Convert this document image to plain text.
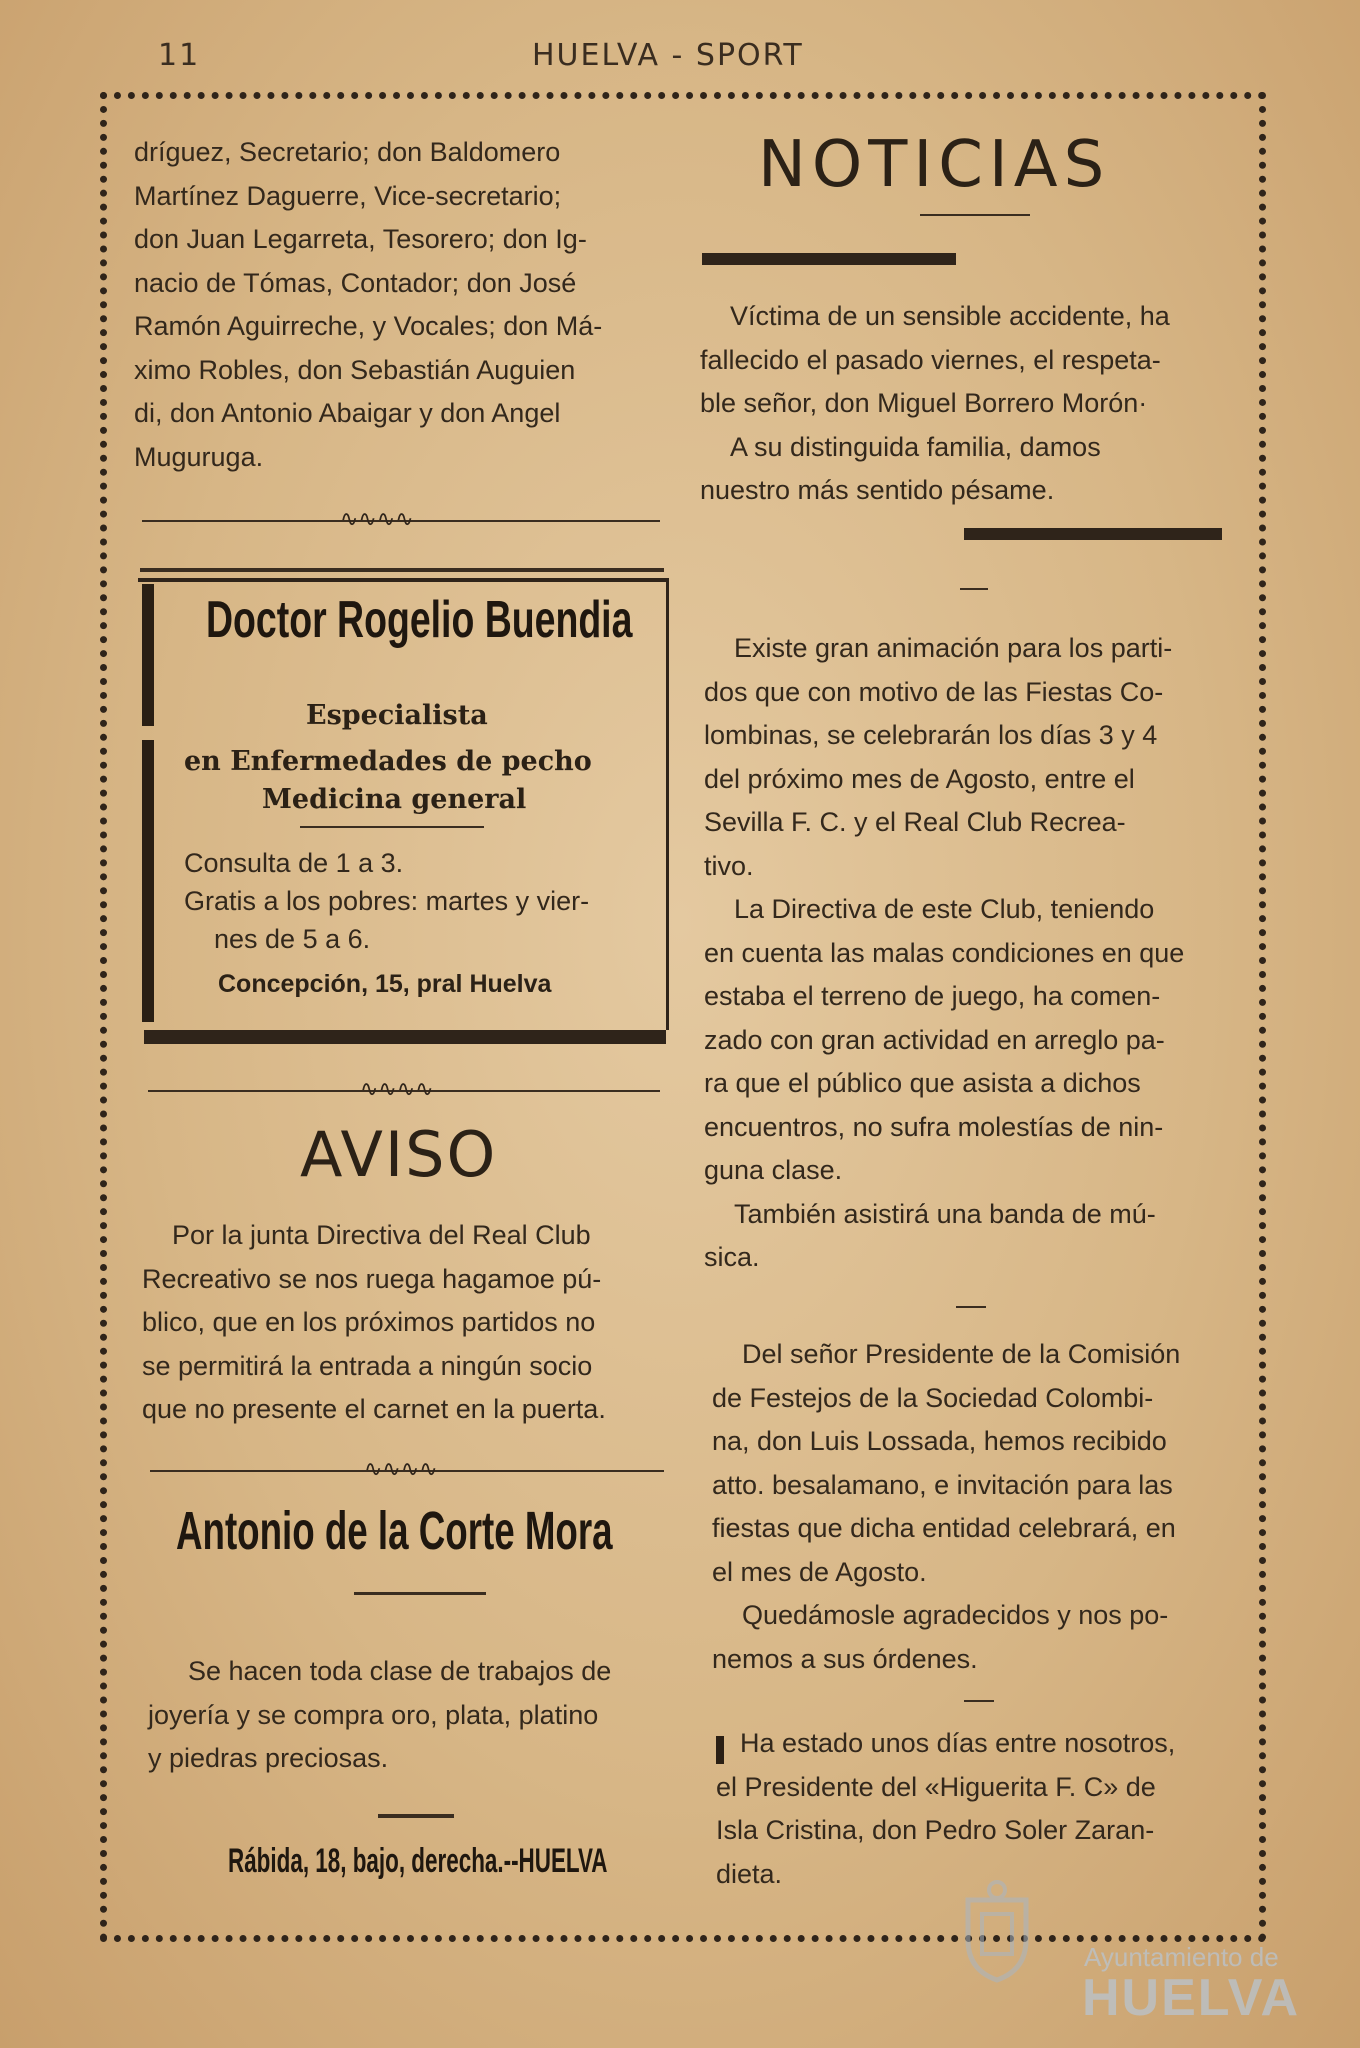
11	HUELVA - SPORT

dríguez, Secretario; don Baldomero

Martínez Daguerre, Vice-secretario;

don Juan Legarreta, Tesorero; don Ig-

nacio de Tómas, Contador; don José

Ramón Aguirreche, y Vocales; don Má-

ximo Robles, don Sebastián Auguien

di, don Antonio Abaigar y don Angel

Muguruga.

∿∿∿∿
Doctor Rogelio Buendia
Especialista
en Enfermedades de pecho
Medicina general
Consulta de 1 a 3.
Gratis a los pobres: martes y vier-
nes de 5 a 6.
Concepción, 15, pral Huelva
∿∿∿∿
AVISO

Por la junta Directiva del Real Club

Recreativo se nos ruega hagamoe pú-

blico, que en los próximos partidos no

se permitirá la entrada a ningún socio

que no presente el carnet en la puerta.

∿∿∿∿
Antonio de la Corte Mora

Se hacen toda clase de trabajos de

joyería y se compra oro, plata, platino

y piedras preciosas.

Rábida, 18, bajo, derecha.--HUELVA
NOTICIAS

Víctima de un sensible accidente, ha

fallecido el pasado viernes, el respeta-

ble señor, don Miguel Borrero Morón·

A su distinguida familia, damos

nuestro más sentido pésame.

Existe gran animación para los parti-

dos que con motivo de las Fiestas Co-

lombinas, se celebrarán los días 3 y 4

del próximo mes de Agosto, entre el

Sevilla F. C. y el Real Club Recrea-

tivo.

La Directiva de este Club, teniendo

en cuenta las malas condiciones en que

estaba el terreno de juego, ha comen-

zado con gran actividad en arreglo pa-

ra que el público que asista a dichos

encuentros, no sufra molestías de nin-

guna clase.

También asistirá una banda de mú-

sica.

Del señor Presidente de la Comisión

de Festejos de la Sociedad Colombi-

na, don Luis Lossada, hemos recibido

atto. besalamano, e invitación para las

fiestas que dicha entidad celebrará, en

el mes de Agosto.

Quedámosle agradecidos y nos po-

nemos a sus órdenes.

Ha estado unos días entre nosotros,

el Presidente del «Higuerita F. C» de

Isla Cristina, don Pedro Soler Zaran-

dieta.

Ayuntamiento de
HUELVA
